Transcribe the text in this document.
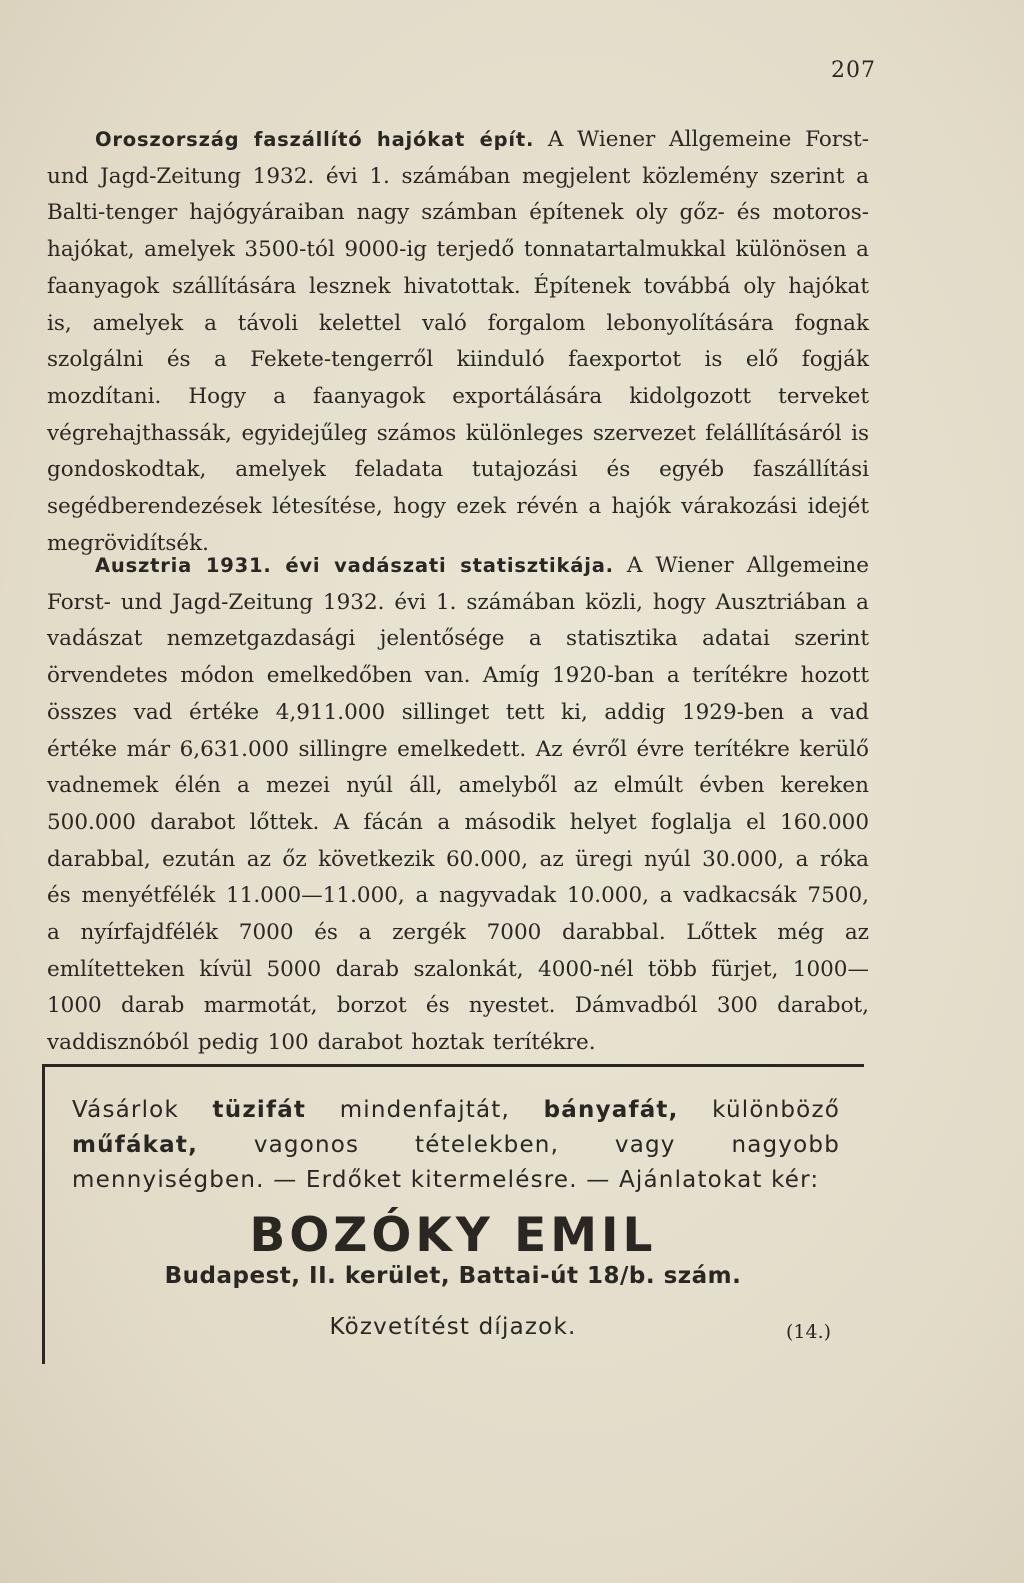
207

Oroszország faszállító hajókat épít. A Wiener Allgemeine Forst- und Jagd-Zeitung 1932. évi 1. számában megjelent közlemény szerint a Balti-tenger hajógyáraiban nagy számban építenek oly gőz- és motoros-hajókat, amelyek 3500-tól 9000-ig terjedő tonnatartalmukkal különösen a faanyagok szállítására lesznek hivatottak. Építenek továbbá oly hajókat is, amelyek a távoli kelettel való forgalom lebonyolítására fognak szolgálni és a Fekete-tengerről kiinduló faexportot is elő fogják mozdítani. Hogy a faanyagok exportálására kidolgozott terveket végrehajthassák, egyidejűleg számos különleges szervezet felállításáról is gondoskodtak, amelyek feladata tutajozási és egyéb faszállítási segédberendezések létesítése, hogy ezek révén a hajók várakozási idejét megrövidítsék.

Ausztria 1931. évi vadászati statisztikája. A Wiener Allgemeine Forst- und Jagd-Zeitung 1932. évi 1. számában közli, hogy Ausztriában a vadászat nemzetgazdasági jelentősége a statisztika adatai szerint örvendetes módon emelkedőben van. Amíg 1920-ban a terítékre hozott összes vad értéke 4,911.000 sillinget tett ki, addig 1929-ben a vad értéke már 6,631.000 sillingre emelkedett. Az évről évre terítékre kerülő vadnemek élén a mezei nyúl áll, amelyből az elmúlt évben kereken 500.000 darabot lőttek. A fácán a második helyet foglalja el 160.000 darabbal, ezután az őz következik 60.000, az üregi nyúl 30.000, a róka és menyétfélék 11.000—11.000, a nagyvadak 10.000, a vadkacsák 7500, a nyírfajdfélék 7000 és a zergék 7000 darabbal. Lőttek még az említetteken kívül 5000 darab szalonkát, 4000-nél több fürjet, 1000—1000 darab marmotát, borzot és nyestet. Dámvadból 300 darabot, vaddisznóból pedig 100 darabot hoztak terítékre.

Vásárlok tüzifát mindenfajtát, bányafát, különböző műfákat, vagonos tételekben, vagy nagyobb mennyiségben. — Erdőket kitermelésre. — Ajánlatokat kér:
BOZÓKY EMIL
Budapest, II. kerület, Battai-út 18/b. szám.
Közvetítést díjazok.	(14.)
